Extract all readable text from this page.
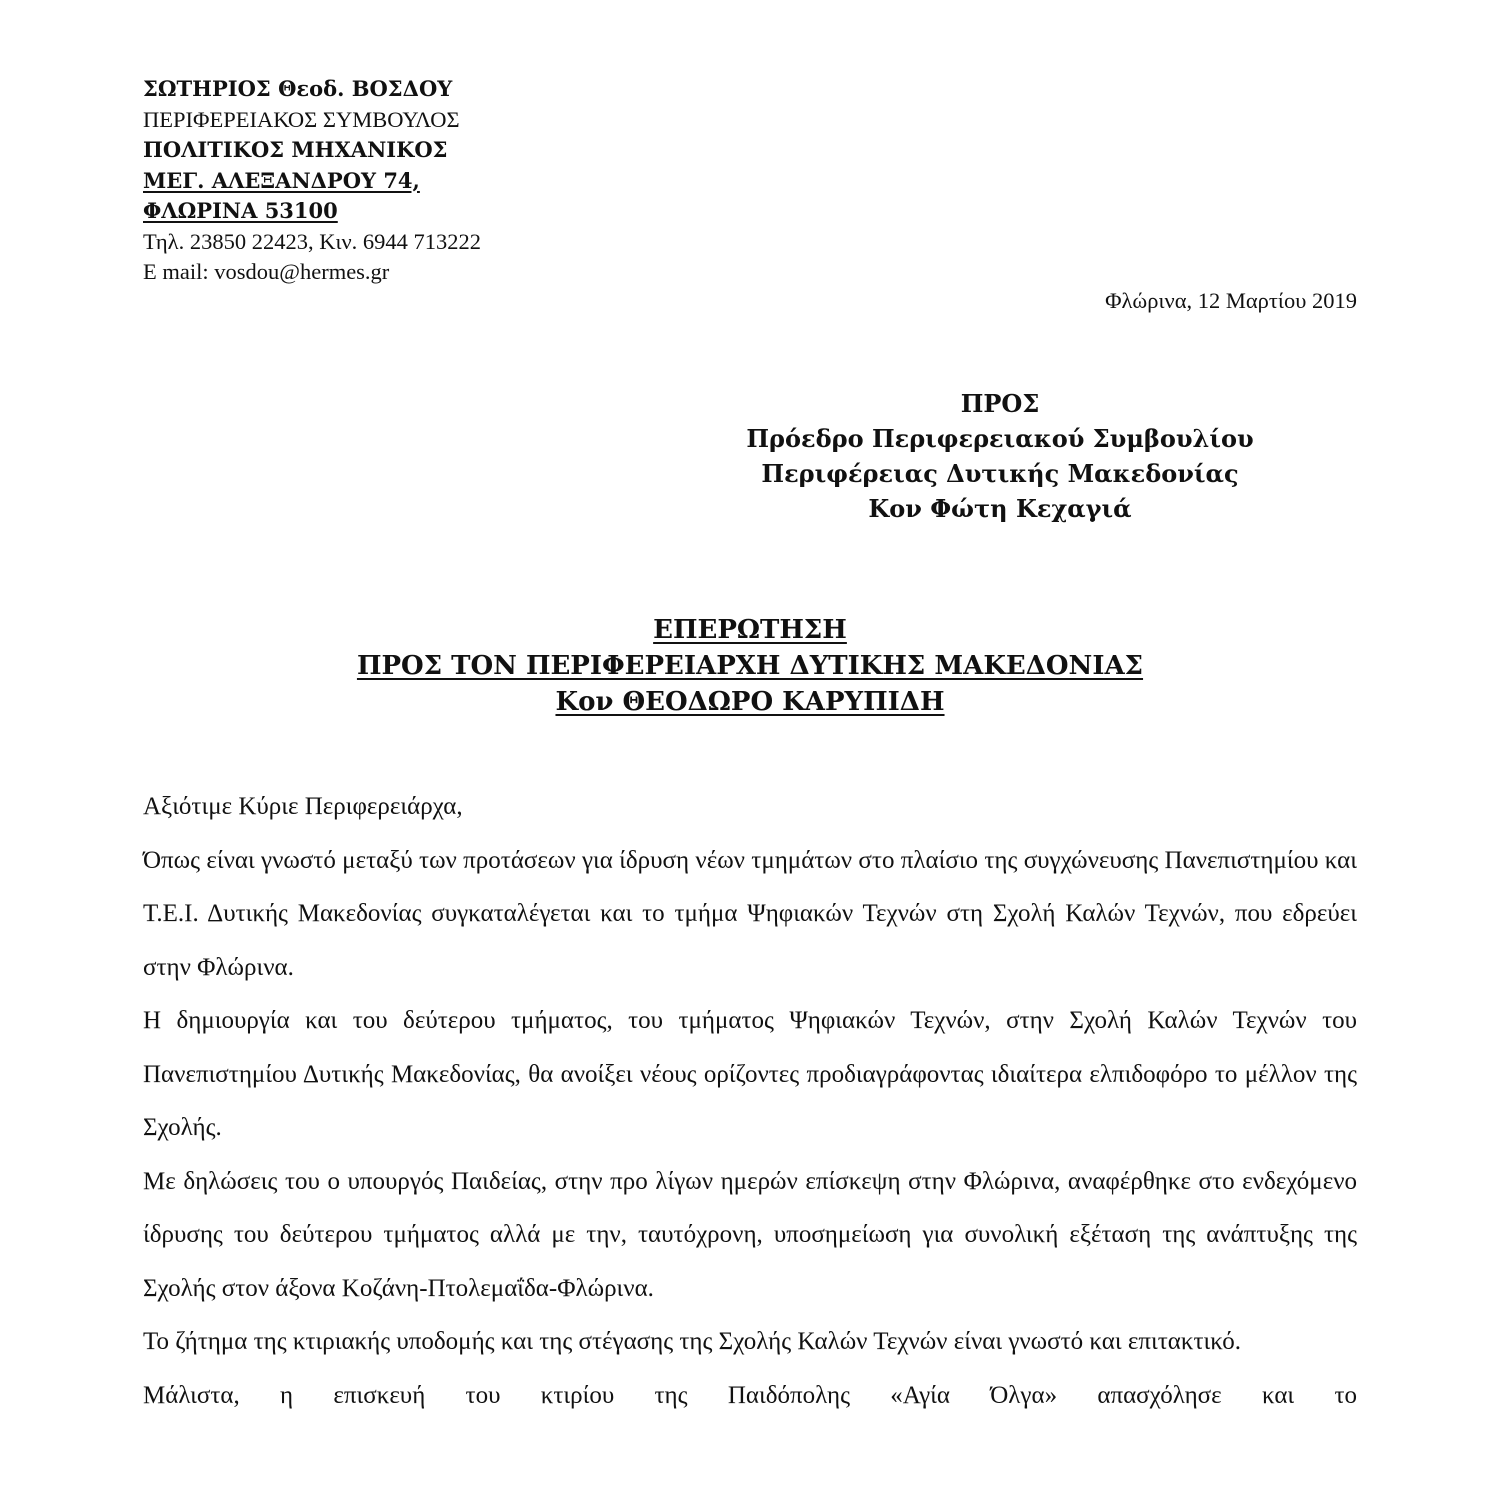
ΣΩΤΗΡΙΟΣ Θεοδ. ΒΟΣΔΟΥ
ΠΕΡΙΦΕΡΕΙΑΚΟΣ ΣΥΜΒΟΥΛΟΣ
ΠΟΛΙΤΙΚΟΣ ΜΗΧΑΝΙΚΟΣ
ΜΕΓ. ΑΛΕΞΑΝΔΡΟΥ 74,
ΦΛΩΡΙΝΑ 53100
Τηλ. 23850 22423, Κιν. 6944 713222
E mail: vosdou@hermes.gr
Φλώρινα, 12 Μαρτίου 2019
ΠΡΟΣ
Πρόεδρο Περιφερειακού Συμβουλίου
Περιφέρειας Δυτικής Μακεδονίας
Κον Φώτη Κεχαγιά
ΕΠΕΡΩΤΗΣΗ
ΠΡΟΣ ΤΟΝ ΠΕΡΙΦΕΡΕΙΑΡΧΗ ΔΥΤΙΚΗΣ ΜΑΚΕΔΟΝΙΑΣ
Κον ΘΕΟΔΩΡΟ ΚΑΡΥΠΙΔΗ

Αξιότιμε Κύριε Περιφερειάρχα,

Όπως είναι γνωστό μεταξύ των προτάσεων για ίδρυση νέων τμημάτων στο πλαίσιο της συγχώνευσης Πανεπιστημίου και Τ.Ε.Ι. Δυτικής Μακεδονίας συγκαταλέγεται και το τμήμα Ψηφιακών Τεχνών στη Σχολή Καλών Τεχνών, που εδρεύει στην Φλώρινα.

Η δημιουργία και του δεύτερου τμήματος, του τμήματος Ψηφιακών Τεχνών, στην Σχολή Καλών Τεχνών του Πανεπιστημίου Δυτικής Μακεδονίας, θα ανοίξει νέους ορίζοντες προδιαγράφοντας ιδιαίτερα ελπιδοφόρο το μέλλον της Σχολής.

Με δηλώσεις του ο υπουργός Παιδείας, στην προ λίγων ημερών επίσκεψη στην Φλώρινα, αναφέρθηκε στο ενδεχόμενο ίδρυσης του δεύτερου τμήματος αλλά με την, ταυτόχρονη, υποσημείωση για συνολική εξέταση της ανάπτυξης της Σχολής στον άξονα Κοζάνη-Πτολεμαΐδα-Φλώρινα.

Το ζήτημα της κτιριακής υποδομής και της στέγασης της Σχολής Καλών Τεχνών είναι γνωστό και επιτακτικό.

Μάλιστα, η επισκευή του κτιρίου της Παιδόπολης «Αγία Όλγα» απασχόλησε και το
